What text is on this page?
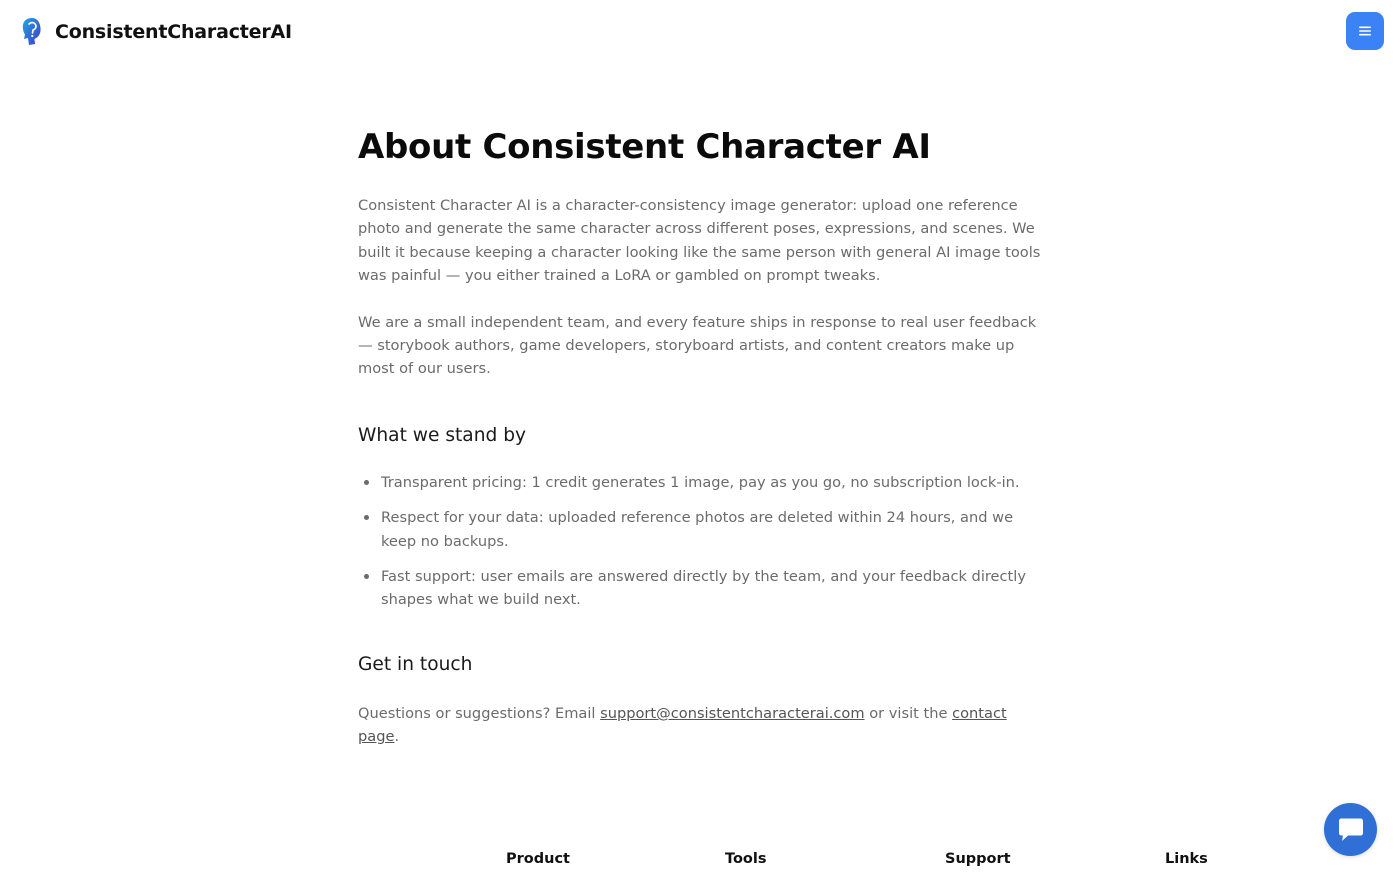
ConsistentCharacterAI
About Consistent Character AI

Consistent Character AI is a character-consistency image generator: upload one reference photo and generate the same character across different poses, expressions, and scenes. We built it because keeping a character looking like the same person with general AI image tools was painful — you either trained a LoRA or gambled on prompt tweaks.

We are a small independent team, and every feature ships in response to real user feedback — storybook authors, game developers, storyboard artists, and content creators make up most of our users.

What we stand by
Transparent pricing: 1 credit generates 1 image, pay as you go, no subscription lock-in.
Respect for your data: uploaded reference photos are deleted within 24 hours, and we keep no backups.
Fast support: user emails are answered directly by the team, and your feedback directly shapes what we build next.
Get in touch

Questions or suggestions? Email support@consistentcharacterai.com or visit the contact page.

Product	Tools	Support	Links
